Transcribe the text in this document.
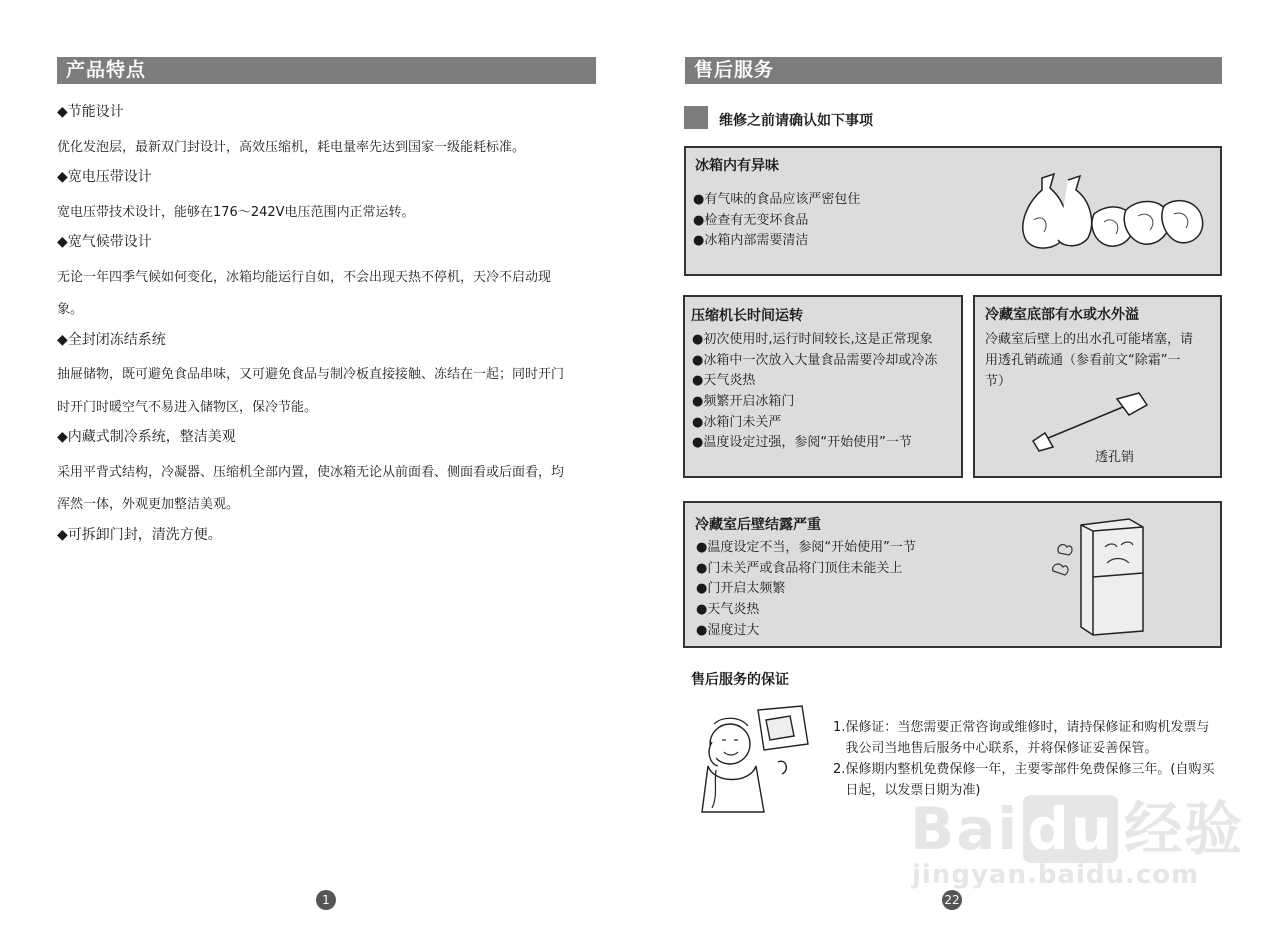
产品特点
◆节能设计
优化发泡层，最新双门封设计，高效压缩机，耗电量率先达到国家一级能耗标准。
◆宽电压带设计
宽电压带技术设计，能够在176～242V电压范围内正常运转。
◆宽气候带设计
无论一年四季气候如何变化，冰箱均能运行自如，不会出现天热不停机，天冷不启动现
象。
◆全封闭冻结系统
抽屉储物，既可避免食品串味，又可避免食品与制冷板直接接触、冻结在一起；同时开门
时开门时暖空气不易进入储物区，保冷节能。
◆内藏式制冷系统，整洁美观
采用平背式结构，冷凝器、压缩机全部内置，使冰箱无论从前面看、侧面看或后面看，均
浑然一体，外观更加整洁美观。
◆可拆卸门封，清洗方便。
1
售后服务
维修之前请确认如下事项
冰箱内有异味
●有气味的食品应该严密包住
●检查有无变坏食品
●冰箱内部需要清洁
压缩机长时间运转
●初次使用时,运行时间较长,这是正常现象
●冰箱中一次放入大量食品需要冷却或冷冻
●天气炎热
●频繁开启冰箱门
●冰箱门未关严
●温度设定过强，参阅“开始使用”一节
冷藏室底部有水或水外溢
冷藏室后壁上的出水孔可能堵塞，请
用透孔销疏通（参看前文“除霜”一
节）
透孔销
冷藏室后壁结露严重
●温度设定不当，参阅“开始使用”一节
●门未关严或食品将门顶住未能关上
●门开启太频繁
●天气炎热
●湿度过大
售后服务的保证
1.保修证：当您需要正常咨询或维修时，请持保修证和购机发票与
我公司当地售后服务中心联系，并将保修证妥善保管。
2.保修期内整机免费保修一年，主要零部件免费保修三年。(自购买
日起，以发票日期为准)
22
Bai du 经验
jingyan.baidu.com
